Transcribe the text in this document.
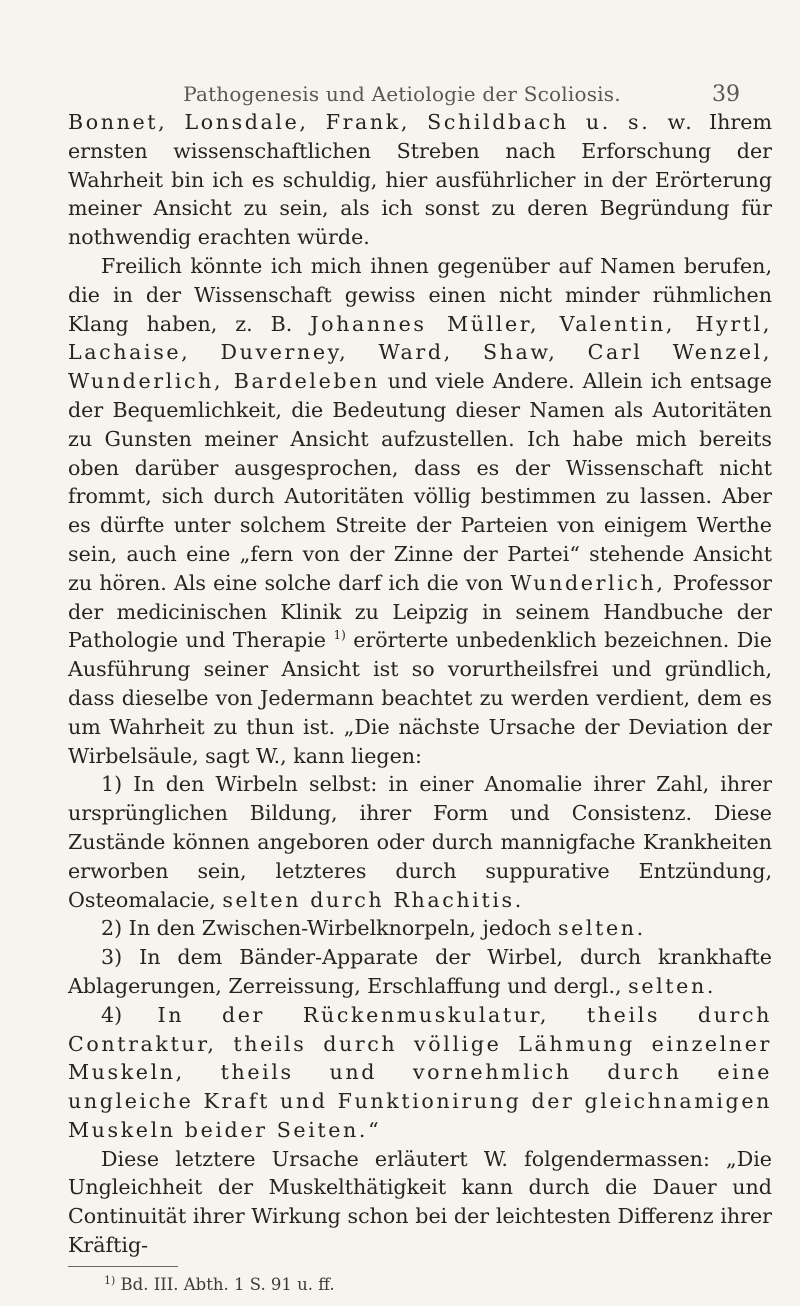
Pathogenesis und Aetiologie der Scoliosis.	39

Bonnet, Lonsdale, Frank, Schildbach u. s. w. Ihrem ernsten wissenschaftlichen Streben nach Erforschung der Wahrheit bin ich es schuldig, hier ausführlicher in der Erörterung meiner Ansicht zu sein, als ich sonst zu deren Begründung für nothwendig erachten würde.

Freilich könnte ich mich ihnen gegenüber auf Namen berufen, die in der Wissenschaft gewiss einen nicht minder rühmlichen Klang haben, z. B. Johannes Müller, Valentin, Hyrtl, Lachaise, Duverney, Ward, Shaw, Carl Wenzel, Wunderlich, Bardeleben und viele Andere. Allein ich entsage der Bequemlichkeit, die Bedeutung dieser Namen als Autoritäten zu Gunsten meiner Ansicht aufzustellen. Ich habe mich bereits oben darüber ausgesprochen, dass es der Wissenschaft nicht frommt, sich durch Autoritäten völlig bestimmen zu lassen. Aber es dürfte unter solchem Streite der Parteien von einigem Werthe sein, auch eine „fern von der Zinne der Partei“ stehende Ansicht zu hören. Als eine solche darf ich die von Wunderlich, Professor der medicinischen Klinik zu Leipzig in seinem Handbuche der Pathologie und Therapie $^{1)}$ erörterte unbedenklich bezeichnen. Die Ausführung seiner Ansicht ist so vorurtheilsfrei und gründlich, dass dieselbe von Jedermann beachtet zu werden verdient, dem es um Wahrheit zu thun ist. „Die nächste Ursache der Deviation der Wirbelsäule, sagt W., kann liegen:

1) In den Wirbeln selbst: in einer Anomalie ihrer Zahl, ihrer ursprünglichen Bildung, ihrer Form und Consistenz. Diese Zustände können angeboren oder durch mannigfache Krankheiten erworben sein, letzteres durch suppurative Entzündung, Osteomalacie, selten durch Rhachitis.

2) In den Zwischen-Wirbelknorpeln, jedoch selten.

3) In dem Bänder-Apparate der Wirbel, durch krankhafte Ablagerungen, Zerreissung, Erschlaffung und dergl., selten.

4) In der Rückenmuskulatur, theils durch Contraktur, theils durch völlige Lähmung einzelner Muskeln, theils und vornehmlich durch eine ungleiche Kraft und Funktionirung der gleichnamigen Muskeln beider Seiten.“

Diese letztere Ursache erläutert W. folgendermassen: „Die Ungleichheit der Muskelthätigkeit kann durch die Dauer und Continuität ihrer Wirkung schon bei der leichtesten Differenz ihrer Kräftig-

$^{1)}$ Bd. III. Abth. 1 S. 91 u. ff.
